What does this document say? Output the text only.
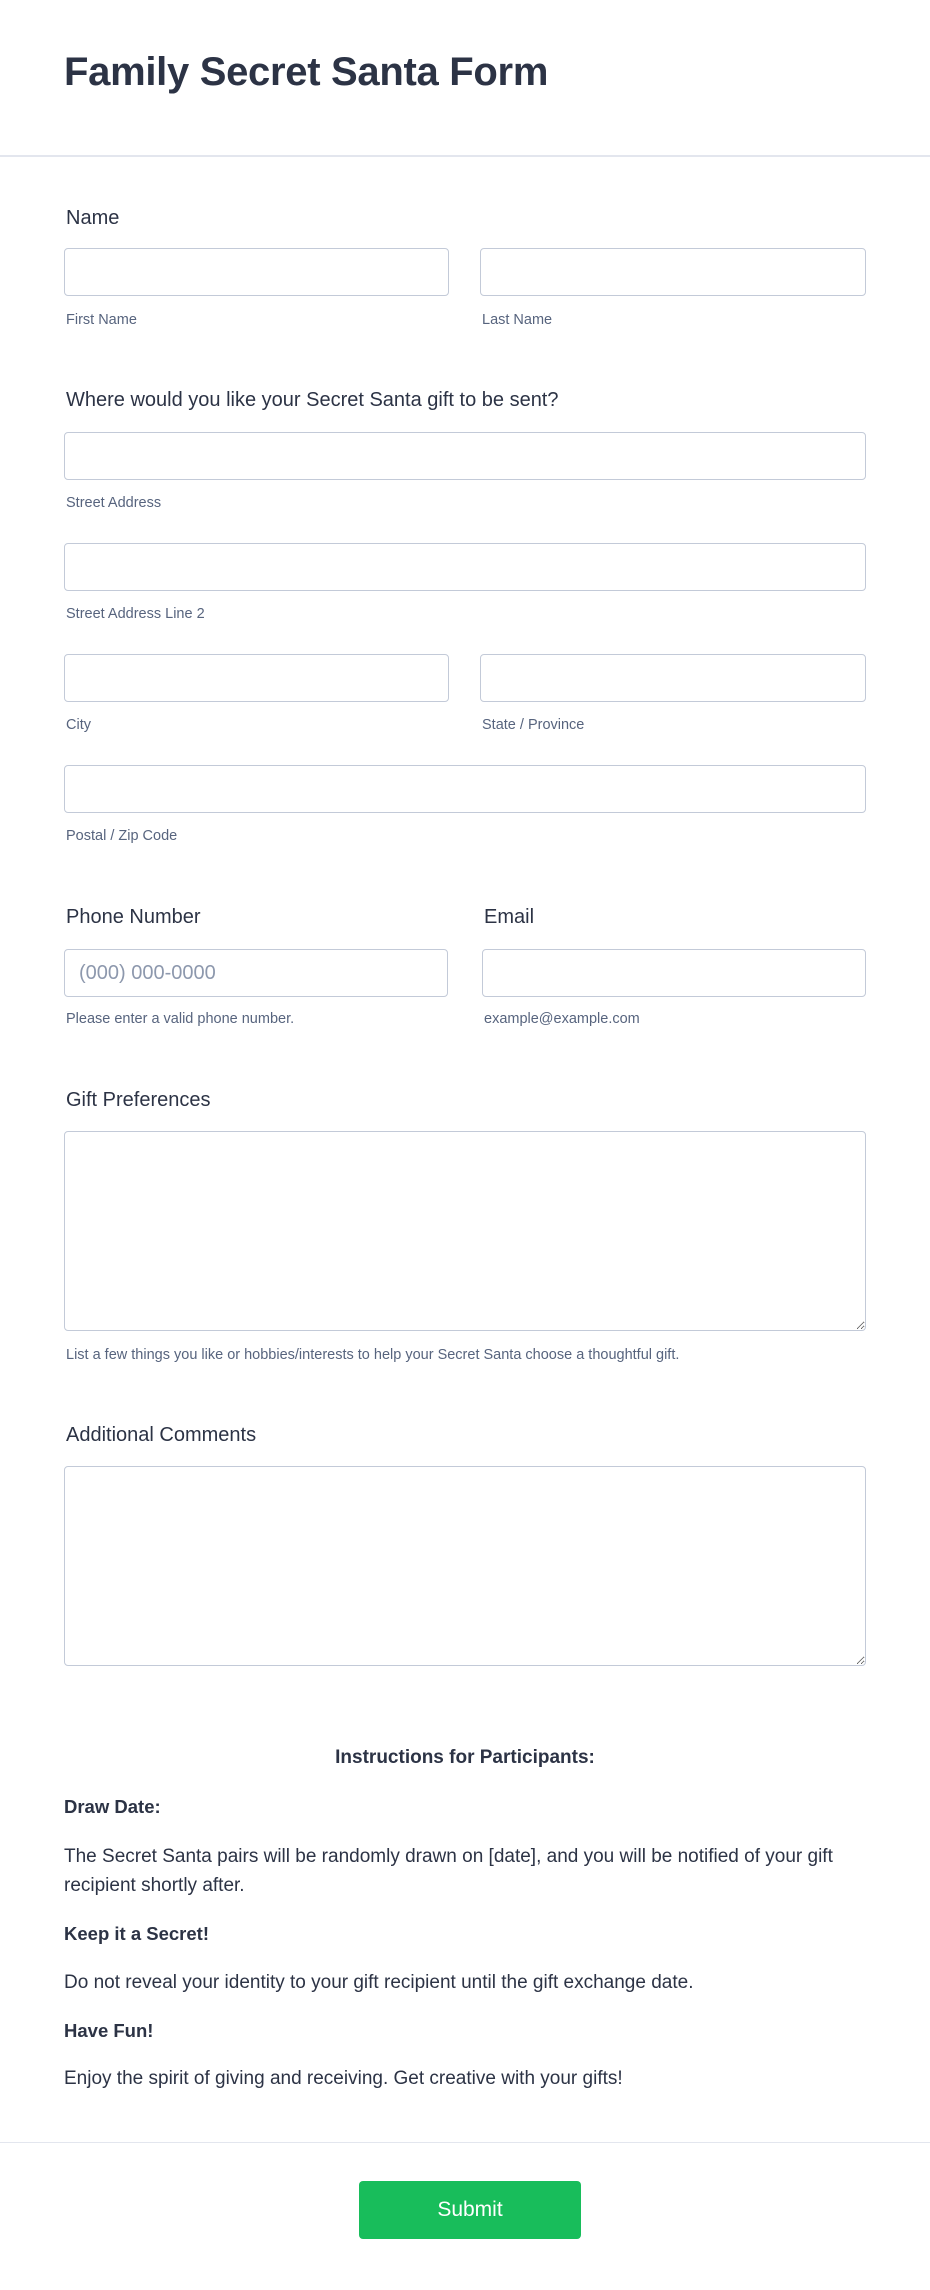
Family Secret Santa Form
Name
First Name	Last Name
Where would you like your Secret Santa gift to be sent?
Street Address
Street Address Line 2
City	State / Province
Postal / Zip Code
Phone Number	Email
(000) 000-0000
Please enter a valid phone number.	example@example.com
Gift Preferences
List a few things you like or hobbies/interests to help your Secret Santa choose a thoughtful gift.
Additional Comments
Instructions for Participants:
Draw Date:
The Secret Santa pairs will be randomly drawn on [date], and you will be notified of your gift recipient shortly after.
Keep it a Secret!
Do not reveal your identity to your gift recipient until the gift exchange date.
Have Fun!
Enjoy the spirit of giving and receiving. Get creative with your gifts!
Submit
